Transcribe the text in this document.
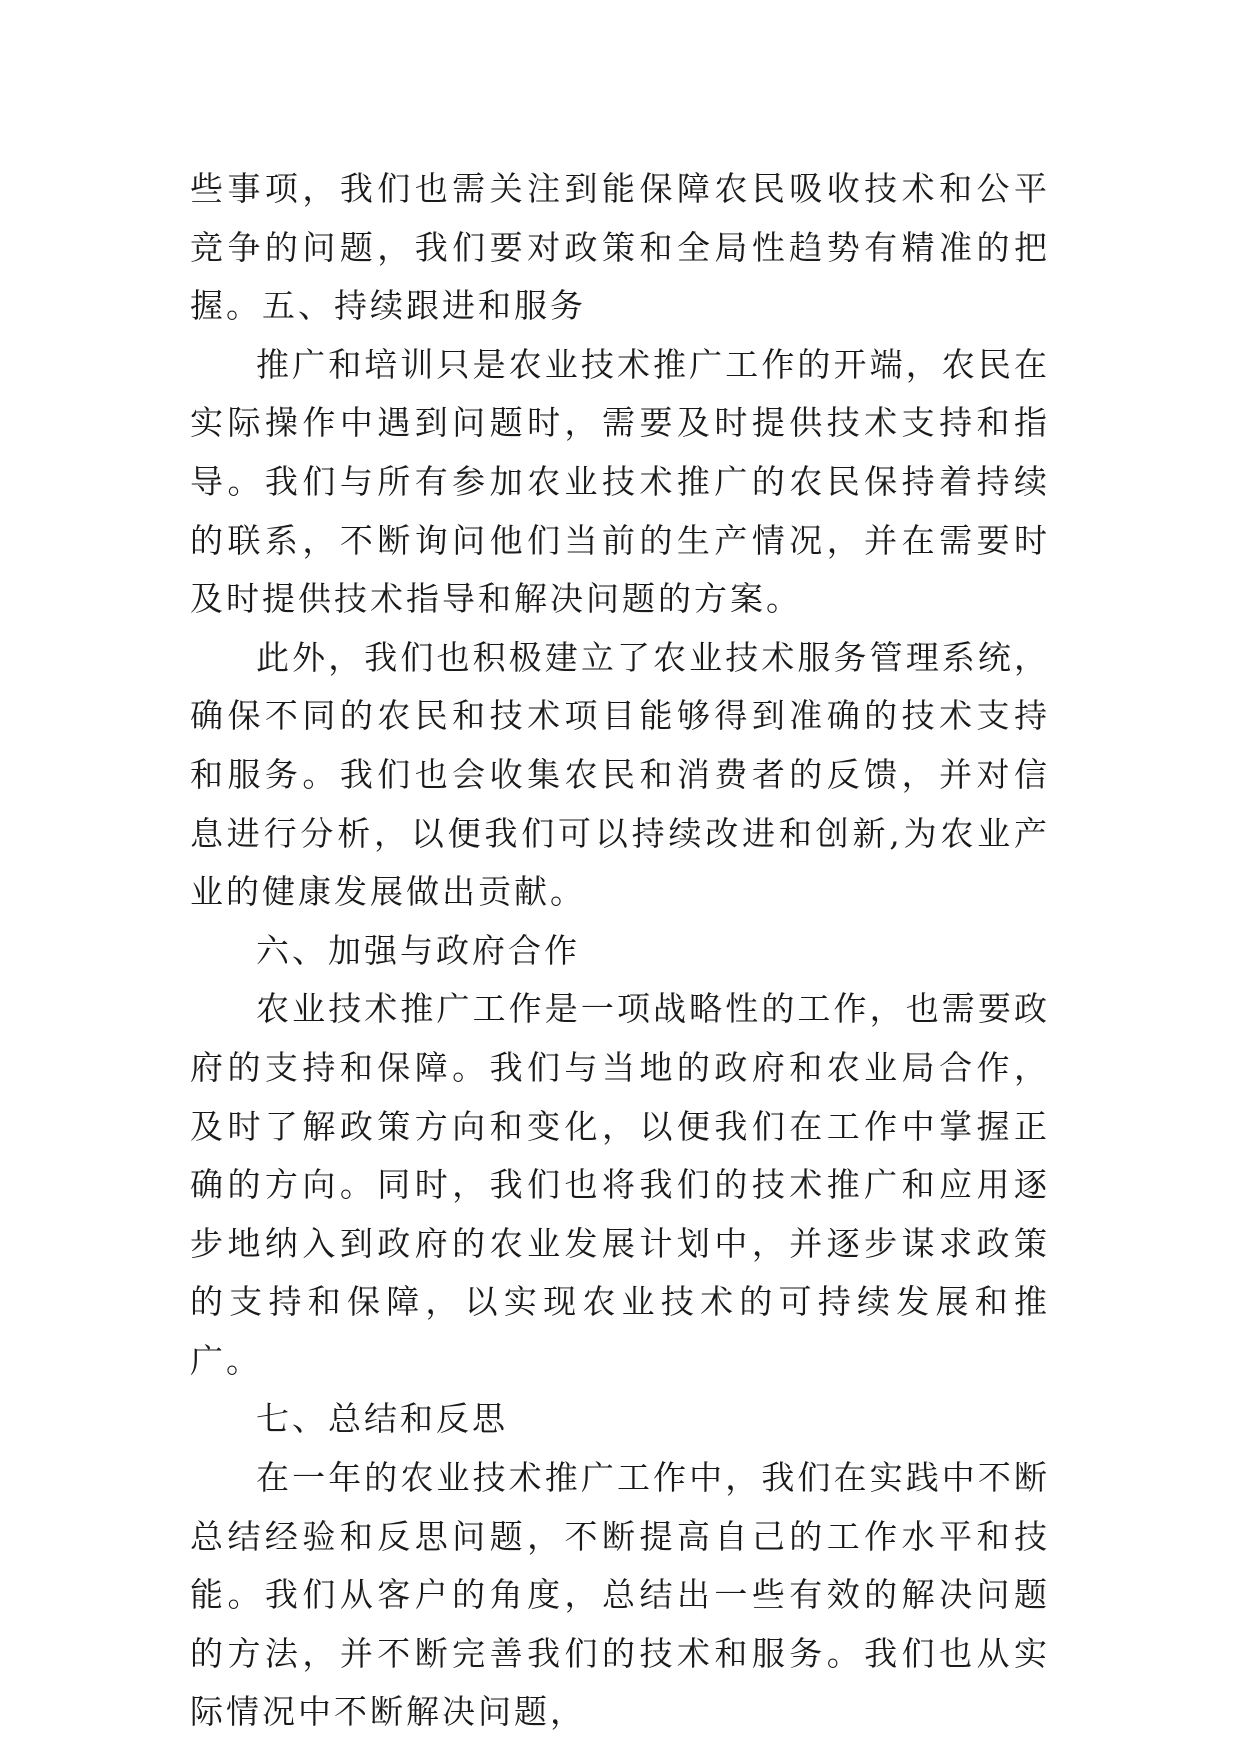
些事项，我们也需关注到能保障农民吸收技术和公平竞争的问题，我们要对政策和全局性趋势有精准的把握。五、持续跟进和服务

推广和培训只是农业技术推广工作的开端，农民在实际操作中遇到问题时，需要及时提供技术支持和指导。我们与所有参加农业技术推广的农民保持着持续的联系，不断询问他们当前的生产情况，并在需要时及时提供技术指导和解决问题的方案。

此外，我们也积极建立了农业技术服务管理系统，确保不同的农民和技术项目能够得到准确的技术支持和服务。我们也会收集农民和消费者的反馈，并对信息进行分析，以便我们可以持续改进和创新,为农业产业的健康发展做出贡献。

六、加强与政府合作

农业技术推广工作是一项战略性的工作，也需要政府的支持和保障。我们与当地的政府和农业局合作，及时了解政策方向和变化，以便我们在工作中掌握正确的方向。同时，我们也将我们的技术推广和应用逐步地纳入到政府的农业发展计划中，并逐步谋求政策的支持和保障，以实现农业技术的可持续发展和推广。

七、总结和反思

在一年的农业技术推广工作中，我们在实践中不断总结经验和反思问题，不断提高自己的工作水平和技能。我们从客户的角度，总结出一些有效的解决问题的方法，并不断完善我们的技术和服务。我们也从实际情况中不断解决问题，
